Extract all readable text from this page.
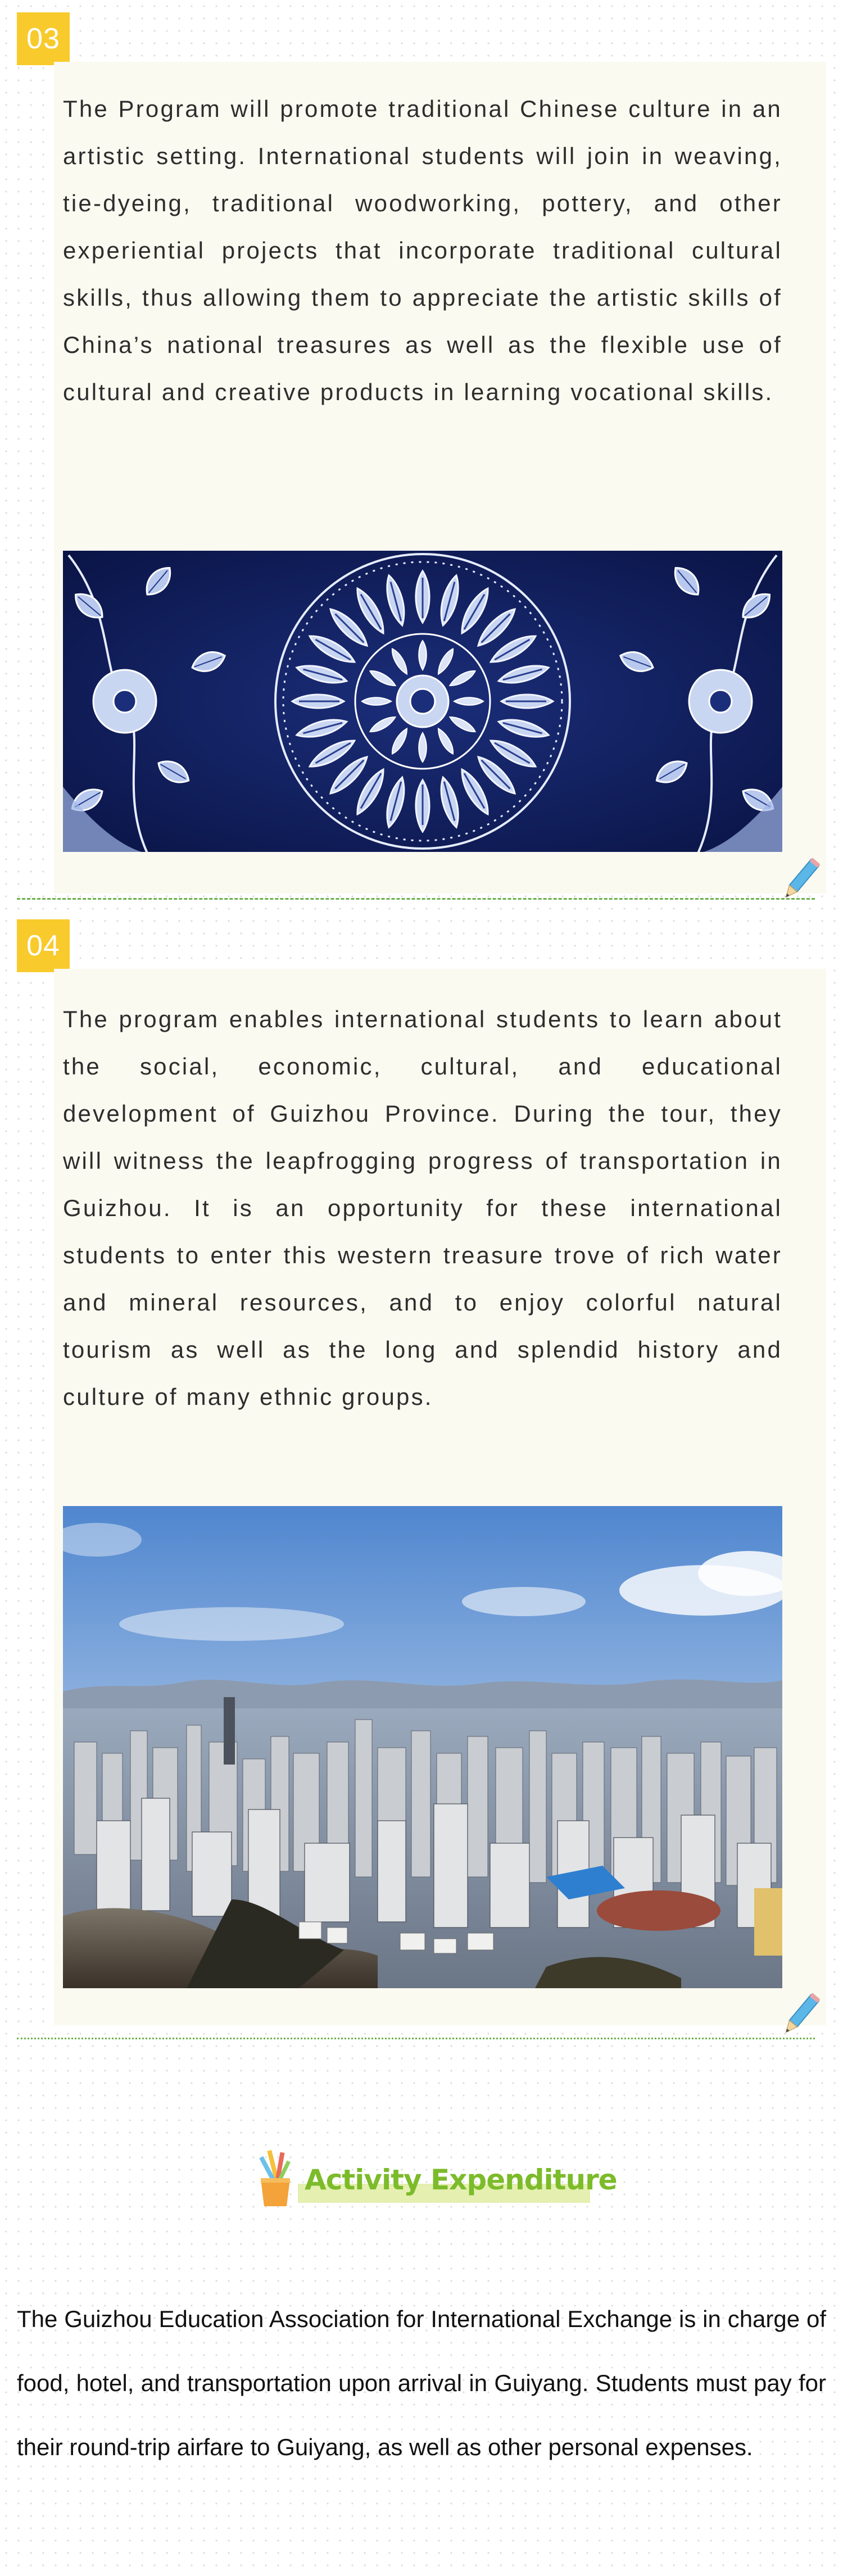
03

The Program will promote traditional Chinese culture in an artistic setting. International students will join in weaving, tie-dyeing, traditional woodworking, pottery, and other experiential projects that incorporate traditional cultural skills, thus allowing them to appreciate the artistic skills of China’s national treasures as well as the flexible use of cultural and creative products in learning vocational skills.

04

The program enables international students to learn about the social, economic, cultural, and educational development of Guizhou Province. During the tour, they will witness the leapfrogging progress of transportation in Guizhou. It is an opportunity for these international students to enter this western treasure trove of rich water and mineral resources, and to enjoy colorful natural tourism as well as the long and splendid history and culture of many ethnic groups.

Activity Expenditure

The Guizhou Education Association for International Exchange is in charge of food, hotel, and transportation upon arrival in Guiyang. Students must pay for their round-trip airfare to Guiyang, as well as other personal expenses.
